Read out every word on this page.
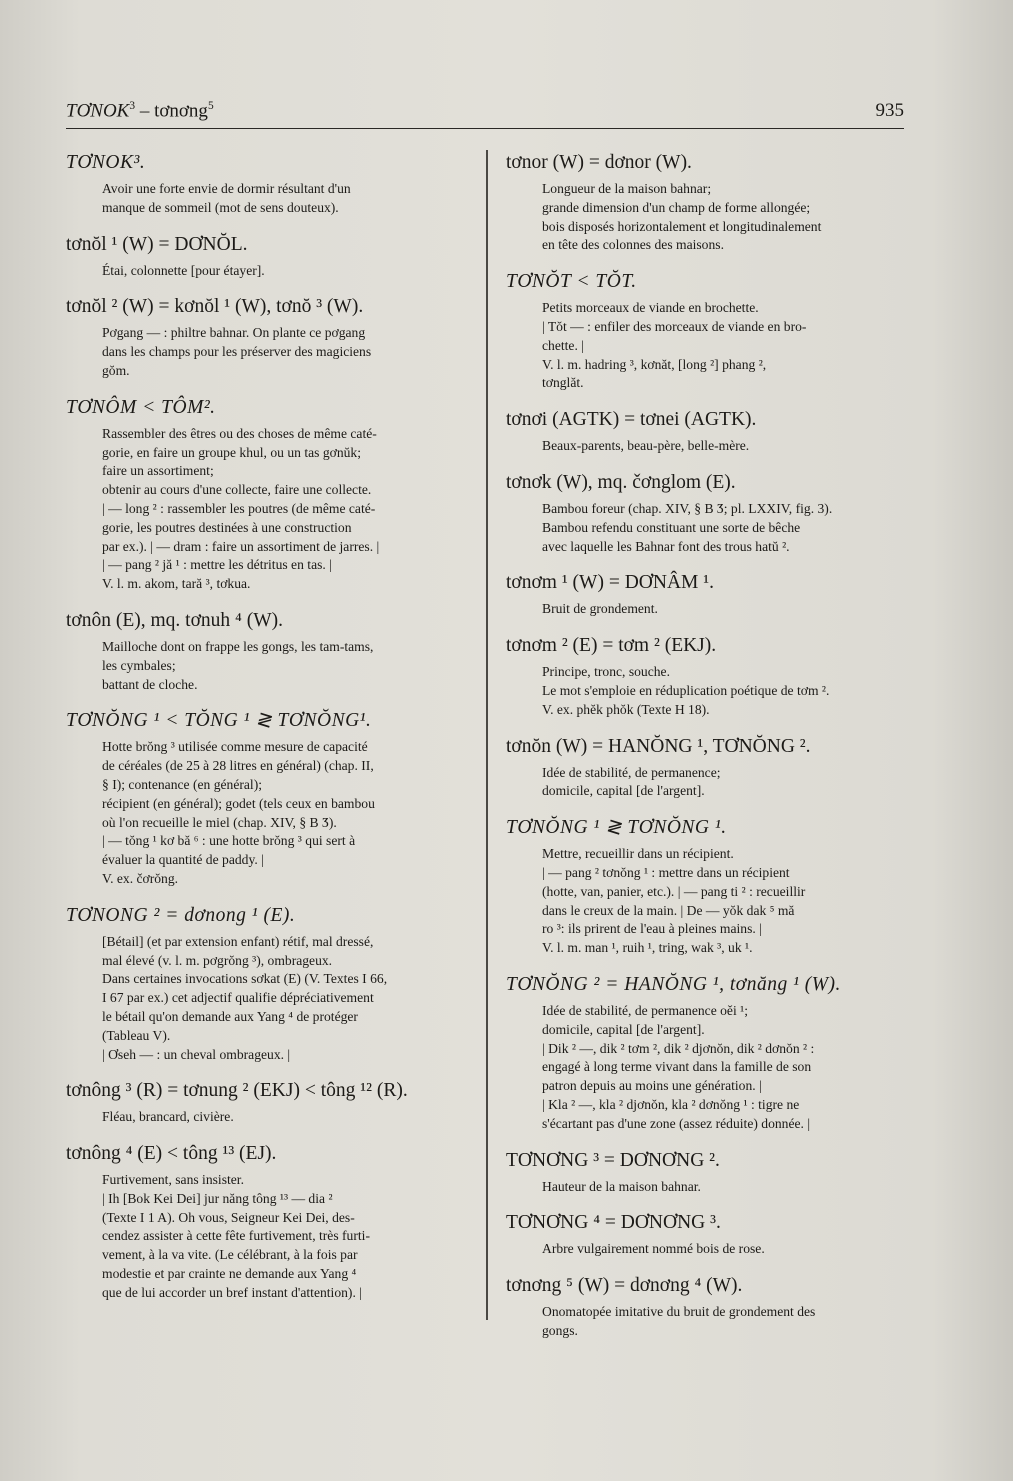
TƠNOK$^3$ – tơnơng$^5$	935
TƠNOK³.
Avoir une forte envie de dormir résultant d'un
manque de sommeil (mot de sens douteux).
tơnŏl ¹ (W) = DƠNŎL.
Étai, colonnette [pour étayer].
tơnŏl ² (W) = kơnŏl ¹ (W), tơnŏ ³ (W).
Pơgang — : philtre bahnar. On plante ce pơgang
dans les champs pour les préserver des magiciens
gŏm.
TƠNÔM < TÔM².
Rassembler des êtres ou des choses de même caté-
gorie, en faire un groupe khul, ou un tas gơnŭk;
faire un assortiment;
obtenir au cours d'une collecte, faire une collecte.
| — long ² : rassembler les poutres (de même caté-
gorie, les poutres destinées à une construction
par ex.). | — dram : faire un assortiment de jarres. |
| — pang ² jă ¹ : mettre les détritus en tas. |
V. l. m. akom, tară ³, tơkua.
tơnôn (E), mq. tơnuh ⁴ (W).
Mailloche dont on frappe les gongs, les tam-tams,
les cymbales;
battant de cloche.
TƠNŎNG ¹ < TŎNG ¹ ≷ TƠNŎNG¹.
Hotte brŏng ³ utilisée comme mesure de capacité
de céréales (de 25 à 28 litres en général) (chap. II,
§ I); contenance (en général);
récipient (en général); godet (tels ceux en bambou
où l'on recueille le miel (chap. XIV, § B Ӡ).
| — tŏng ¹ kơ bă ⁶ : une hotte brŏng ³ qui sert à
évaluer la quantité de paddy. |
V. ex. čơrŏng.
TƠNONG ² = dơnong ¹ (E).
[Bétail] (et par extension enfant) rétif, mal dressé,
mal élevé (v. l. m. pơgrŏng ³), ombrageux.
Dans certaines invocations sơkat (E) (V. Textes I 66,
I 67 par ex.) cet adjectif qualifie dépréciativement
le bétail qu'on demande aux Yang ⁴ de protéger
(Tableau V).
| Ơseh — : un cheval ombrageux. |
tơnông ³ (R) = tơnung ² (EKJ) < tông ¹² (R).
Fléau, brancard, civière.
tơnông ⁴ (E) < tông ¹³ (EJ).
Furtivement, sans insister.
| Ih [Bok Kei Dei] jur năng tông ¹³ — dia ²
(Texte I 1 A). Oh vous, Seigneur Kei Dei, des-
cendez assister à cette fête furtivement, très furti-
vement, à la va vite. (Le célébrant, à la fois par
modestie et par crainte ne demande aux Yang ⁴
que de lui accorder un bref instant d'attention). |
tơnor (W) = dơnor (W).
Longueur de la maison bahnar;
grande dimension d'un champ de forme allongée;
bois disposés horizontalement et longitudinalement
en tête des colonnes des maisons.
TƠNŎT < TŎT.
Petits morceaux de viande en brochette.
| Tŏt — : enfiler des morceaux de viande en bro-
chette. |
V. l. m. hadring ³, kơnăt, [long ²] phang ²,
tơnglăt.
tơnơi (AGTK) = tơnei (AGTK).
Beaux-parents, beau-père, belle-mère.
tơnơk (W), mq. čơnglom (E).
Bambou foreur (chap. XIV, § B Ӡ; pl. LXXIV, fig. 3).
Bambou refendu constituant une sorte de bêche
avec laquelle les Bahnar font des trous hatŭ ².
tơnơm ¹ (W) = DƠNÂM ¹.
Bruit de grondement.
tơnơm ² (E) = tơm ² (EKJ).
Principe, tronc, souche.
Le mot s'emploie en réduplication poétique de tơm ².
V. ex. phĕk phŏk (Texte H 18).
tơnŏn (W) = HANŎNG ¹, TƠNŎNG ².
Idée de stabilité, de permanence;
domicile, capital [de l'argent].
TƠNŎNG ¹ ≷ TƠNŎNG ¹.
Mettre, recueillir dans un récipient.
| — pang ² tơnŏng ¹ : mettre dans un récipient
(hotte, van, panier, etc.). | — pang ti ² : recueillir
dans le creux de la main. | De — yŏk dak ⁵ mă
ro ³: ils prirent de l'eau à pleines mains. |
V. l. m. man ¹, ruih ¹, tring, wak ³, uk ¹.
TƠNŎNG ² = HANŎNG ¹, tơnăng ¹ (W).
Idée de stabilité, de permanence oěi ¹;
domicile, capital [de l'argent].
| Dik ² —, dik ² tơm ², dik ² djơnŏn, dik ² dơnŏn ² :
engagé à long terme vivant dans la famille de son
patron depuis au moins une génération. |
| Kla ² —, kla ² djơnŏn, kla ² dơnŏng ¹ : tigre ne
s'écartant pas d'une zone (assez réduite) donnée. |
TƠNƠNG ³ = DƠNƠNG ².
Hauteur de la maison bahnar.
TƠNƠNG ⁴ = DƠNƠNG ³.
Arbre vulgairement nommé bois de rose.
tơnơng ⁵ (W) = dơnơng ⁴ (W).
Onomatopée imitative du bruit de grondement des
gongs.
